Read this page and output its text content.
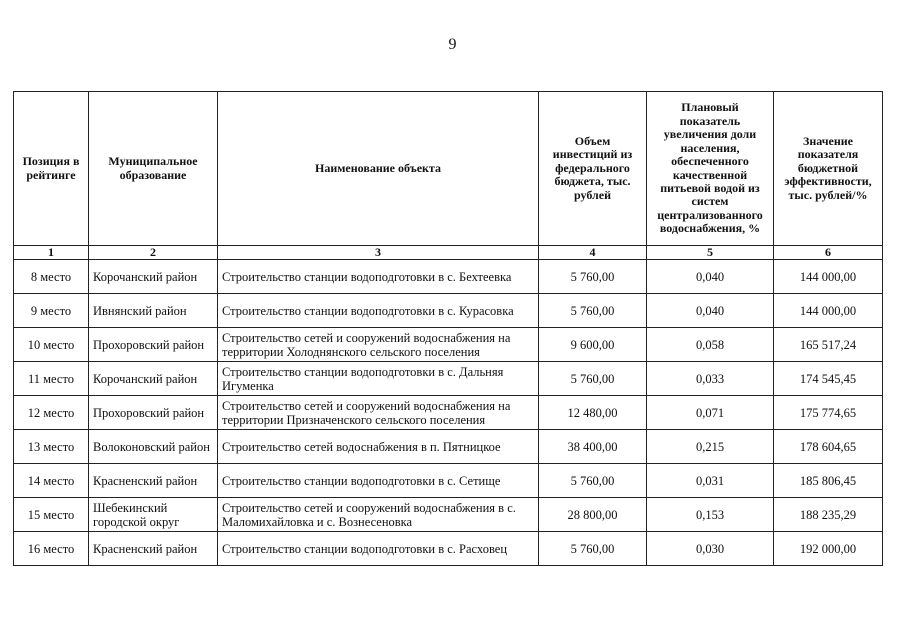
9
Позиция в рейтинге	Муниципальное образование	Наименование объекта	Объем инвестиций из федерального бюджета, тыс. рублей	Плановый показатель увеличения доли населения, обеспеченного качественной питьевой водой из систем централизованного водоснабжения, %	Значение показателя бюджетной эффективности, тыс. рублей/%
1	2	3	4	5	6
8 место	Корочанский район	Строительство станции водоподготовки в с. Бехтеевка	5 760,00	0,040	144 000,00
9 место	Ивнянский район	Строительство станции водоподготовки в с. Курасовка	5 760,00	0,040	144 000,00
10 место	Прохоровский район	Строительство сетей и сооружений водоснабжения на территории Холоднянского сельского поселения	9 600,00	0,058	165 517,24
11 место	Корочанский район	Строительство станции водоподготовки в с. Дальняя Игуменка	5 760,00	0,033	174 545,45
12 место	Прохоровский район	Строительство сетей и сооружений водоснабжения на территории Призначенского сельского поселения	12 480,00	0,071	175 774,65
13 место	Волоконовский район	Строительство сетей водоснабжения в п. Пятницкое	38 400,00	0,215	178 604,65
14 место	Красненский район	Строительство станции водоподготовки в с. Сетище	5 760,00	0,031	185 806,45
15 место	Шебекинский городской округ	Строительство сетей и сооружений водоснабжения в с. Маломихайловка и с. Вознесеновка	28 800,00	0,153	188 235,29
16 место	Красненский район	Строительство станции водоподготовки в с. Расховец	5 760,00	0,030	192 000,00
